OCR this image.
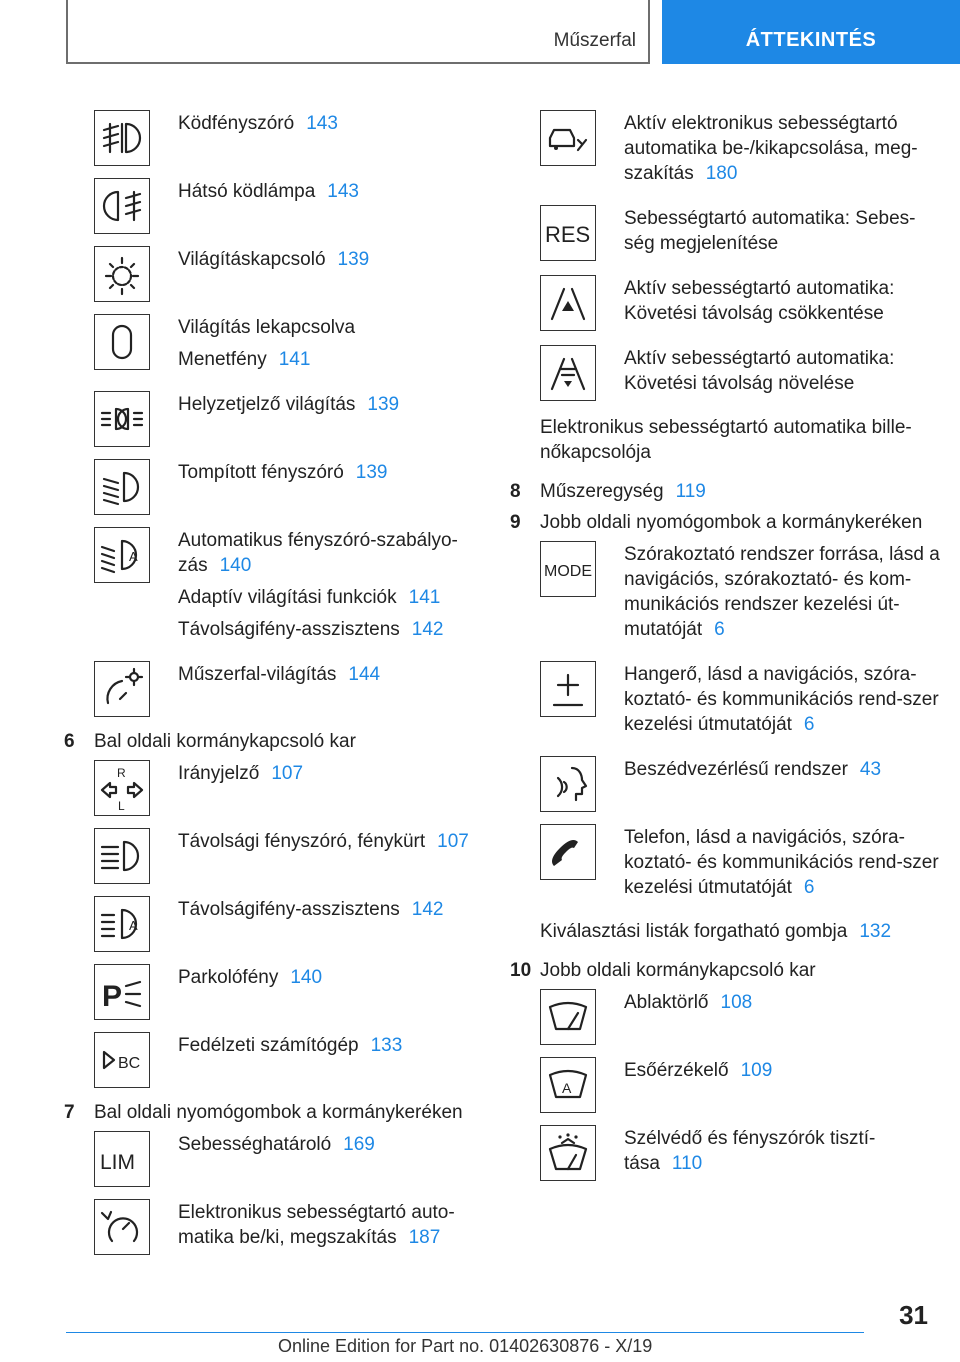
Műszerfal	ÁTTEKINTÉS

Ködfényszóró 143

Hátsó ködlámpa 143

Világításkapcsoló 139

Világítás lekapcsolva

Menetfény 141

Helyzetjelző világítás 139

Tompított fényszóró 139

A

Automatikus fényszóró-szabályo-zás 140

Adaptív világítási funkciók 141

Távolságifény-asszisztens 142

Műszerfal-világítás 144

6	Bal oldali kormánykapcsoló kar
R
L

Irányjelző 107

Távolsági fényszóró, fénykürt 107

A

Távolságifény-asszisztens 142

P

Parkolófény 140

BC

Fedélzeti számítógép 133

7	Bal oldali nyomógombok a kormánykeréken
LIM

Sebességhatároló 169

Elektronikus sebességtartó auto-matika be/ki, megszakítás 187

Aktív elektronikus sebességtartó automatika be-/kikapcsolása, meg-szakítás 180

RES

Sebességtartó automatika: Sebes-ség megjelenítése

Aktív sebességtartó automatika: Követési távolság csökkentése

Aktív sebességtartó automatika: Követési távolság növelése

Elektronikus sebességtartó automatika bille-nőkapcsolója
8	Műszeregység 119
9	Jobb oldali nyomógombok a kormánykeréken
MODE

Szórakoztató rendszer forrása, lásd a navigációs, szórakoztató- és kom-munikációs rendszer kezelési út-mutatóját 6

Hangerő, lásd a navigációs, szóra-koztató- és kommunikációs rend-szer kezelési útmutatóját 6

Beszédvezérlésű rendszer 43

Telefon, lásd a navigációs, szóra-koztató- és kommunikációs rend-szer kezelési útmutatóját 6

Kiválasztási listák forgatható gombja 132
10 Jobb oldali kormánykapcsoló kar

Ablaktörlő 108

A

Esőérzékelő 109

Szélvédő és fényszórók tisztí-tása 110

31
Online Edition for Part no. 01402630876 - X/19
